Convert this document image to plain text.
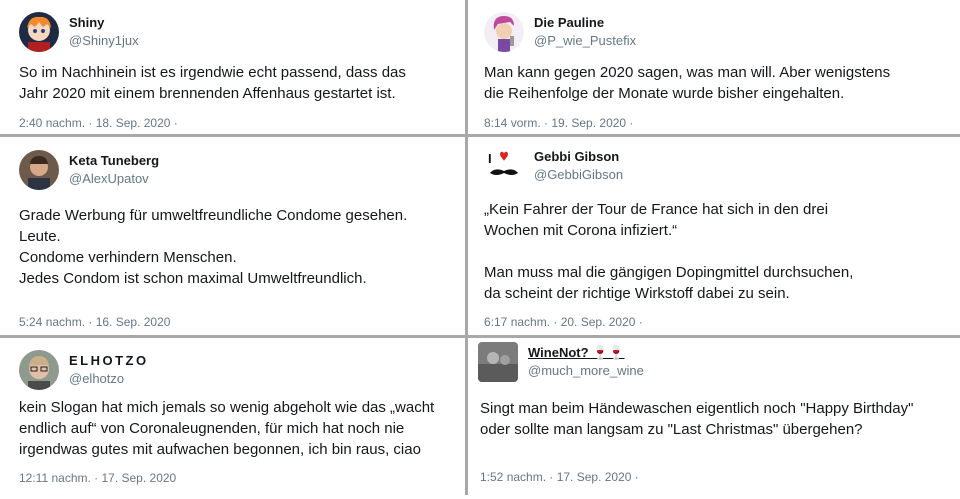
Shiny
@Shiny1jux
So im Nachhinein ist es irgendwie echt passend, dass das
Jahr 2020 mit einem brennenden Affenhaus gestartet ist.
2:40 nachm. · 18. Sep. 2020 ·
Die Pauline
@P_wie_Pustefix
Man kann gegen 2020 sagen, was man will. Aber wenigstens
die Reihenfolge der Monate wurde bisher eingehalten.
8:14 vorm. · 19. Sep. 2020 ·
Keta Tuneberg
@AlexUpatov
Grade Werbung für umweltfreundliche Condome gesehen.
Leute.
Condome verhindern Menschen.
Jedes Condom ist schon maximal Umweltfreundlich.
5:24 nachm. · 16. Sep. 2020
I	Gebbi Gibson
@GebbiGibson
„Kein Fahrer der Tour de France hat sich in den drei
Wochen mit Corona infiziert.“

Man muss mal die gängigen Dopingmittel durchsuchen,
da scheint der richtige Wirkstoff dabei zu sein.
6:17 nachm. · 20. Sep. 2020 ·
ELHOTZO
@elhotzo
kein Slogan hat mich jemals so wenig abgeholt wie das „wacht
endlich auf“ von Coronaleugnenden, für mich hat noch nie
irgendwas gutes mit aufwachen begonnen, ich bin raus, ciao
12:11 nachm. · 17. Sep. 2020
WineNot? 🍷🍷
@much_more_wine
Singt man beim Händewaschen eigentlich noch "Happy Birthday"
oder sollte man langsam zu "Last Christmas" übergehen?
1:52 nachm. · 17. Sep. 2020 ·
